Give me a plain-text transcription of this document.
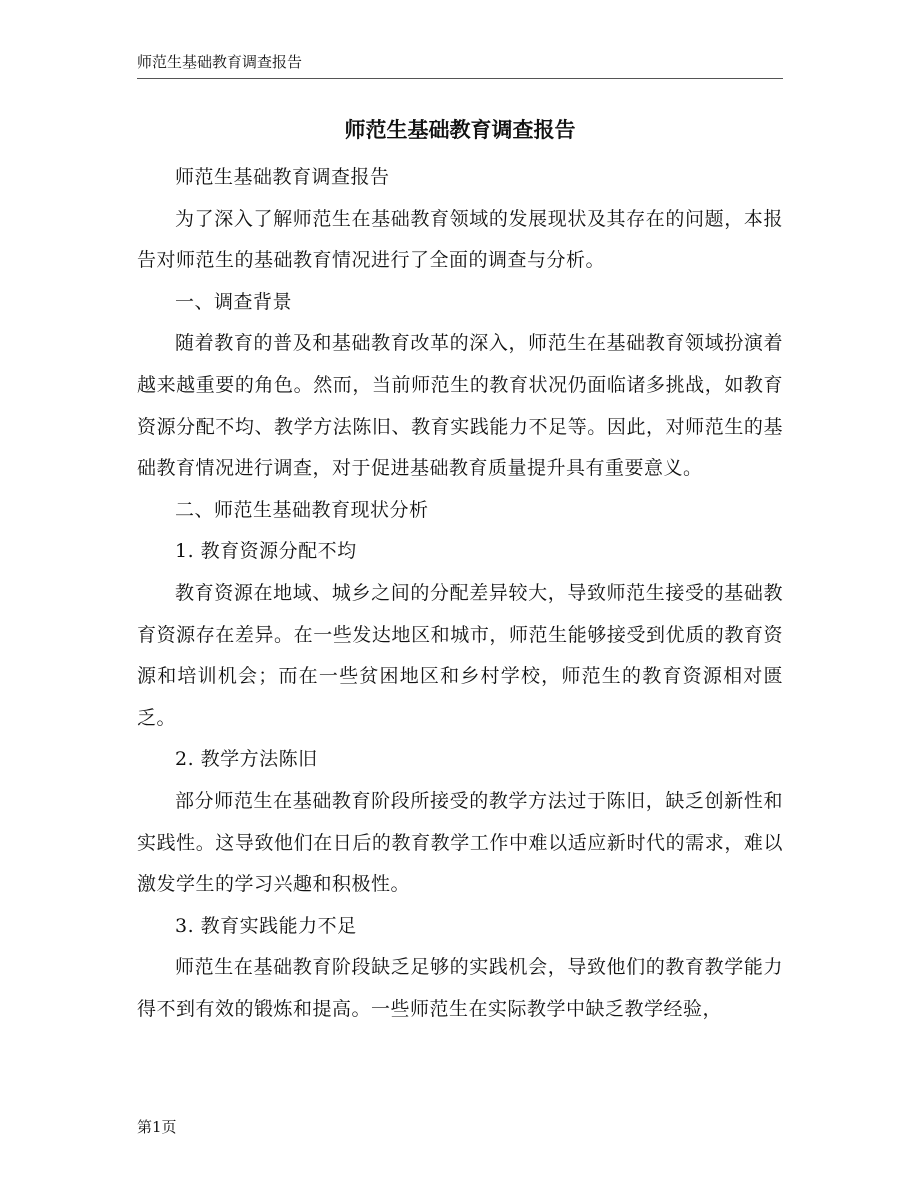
师范生基础教育调查报告
师范生基础教育调查报告

师范生基础教育调查报告

为了深入了解师范生在基础教育领域的发展现状及其存在的问题，本报告对师范生的基础教育情况进行了全面的调查与分析。

一、调查背景

随着教育的普及和基础教育改革的深入，师范生在基础教育领域扮演着越来越重要的角色。然而，当前师范生的教育状况仍面临诸多挑战，如教育资源分配不均、教学方法陈旧、教育实践能力不足等。因此，对师范生的基础教育情况进行调查，对于促进基础教育质量提升具有重要意义。

二、师范生基础教育现状分析

1. 教育资源分配不均

教育资源在地域、城乡之间的分配差异较大，导致师范生接受的基础教育资源存在差异。在一些发达地区和城市，师范生能够接受到优质的教育资源和培训机会；而在一些贫困地区和乡村学校，师范生的教育资源相对匮乏。

2. 教学方法陈旧

部分师范生在基础教育阶段所接受的教学方法过于陈旧，缺乏创新性和实践性。这导致他们在日后的教育教学工作中难以适应新时代的需求，难以激发学生的学习兴趣和积极性。

3. 教育实践能力不足

师范生在基础教育阶段缺乏足够的实践机会，导致他们的教育教学能力得不到有效的锻炼和提高。一些师范生在实际教学中缺乏教学经验，

第1页
